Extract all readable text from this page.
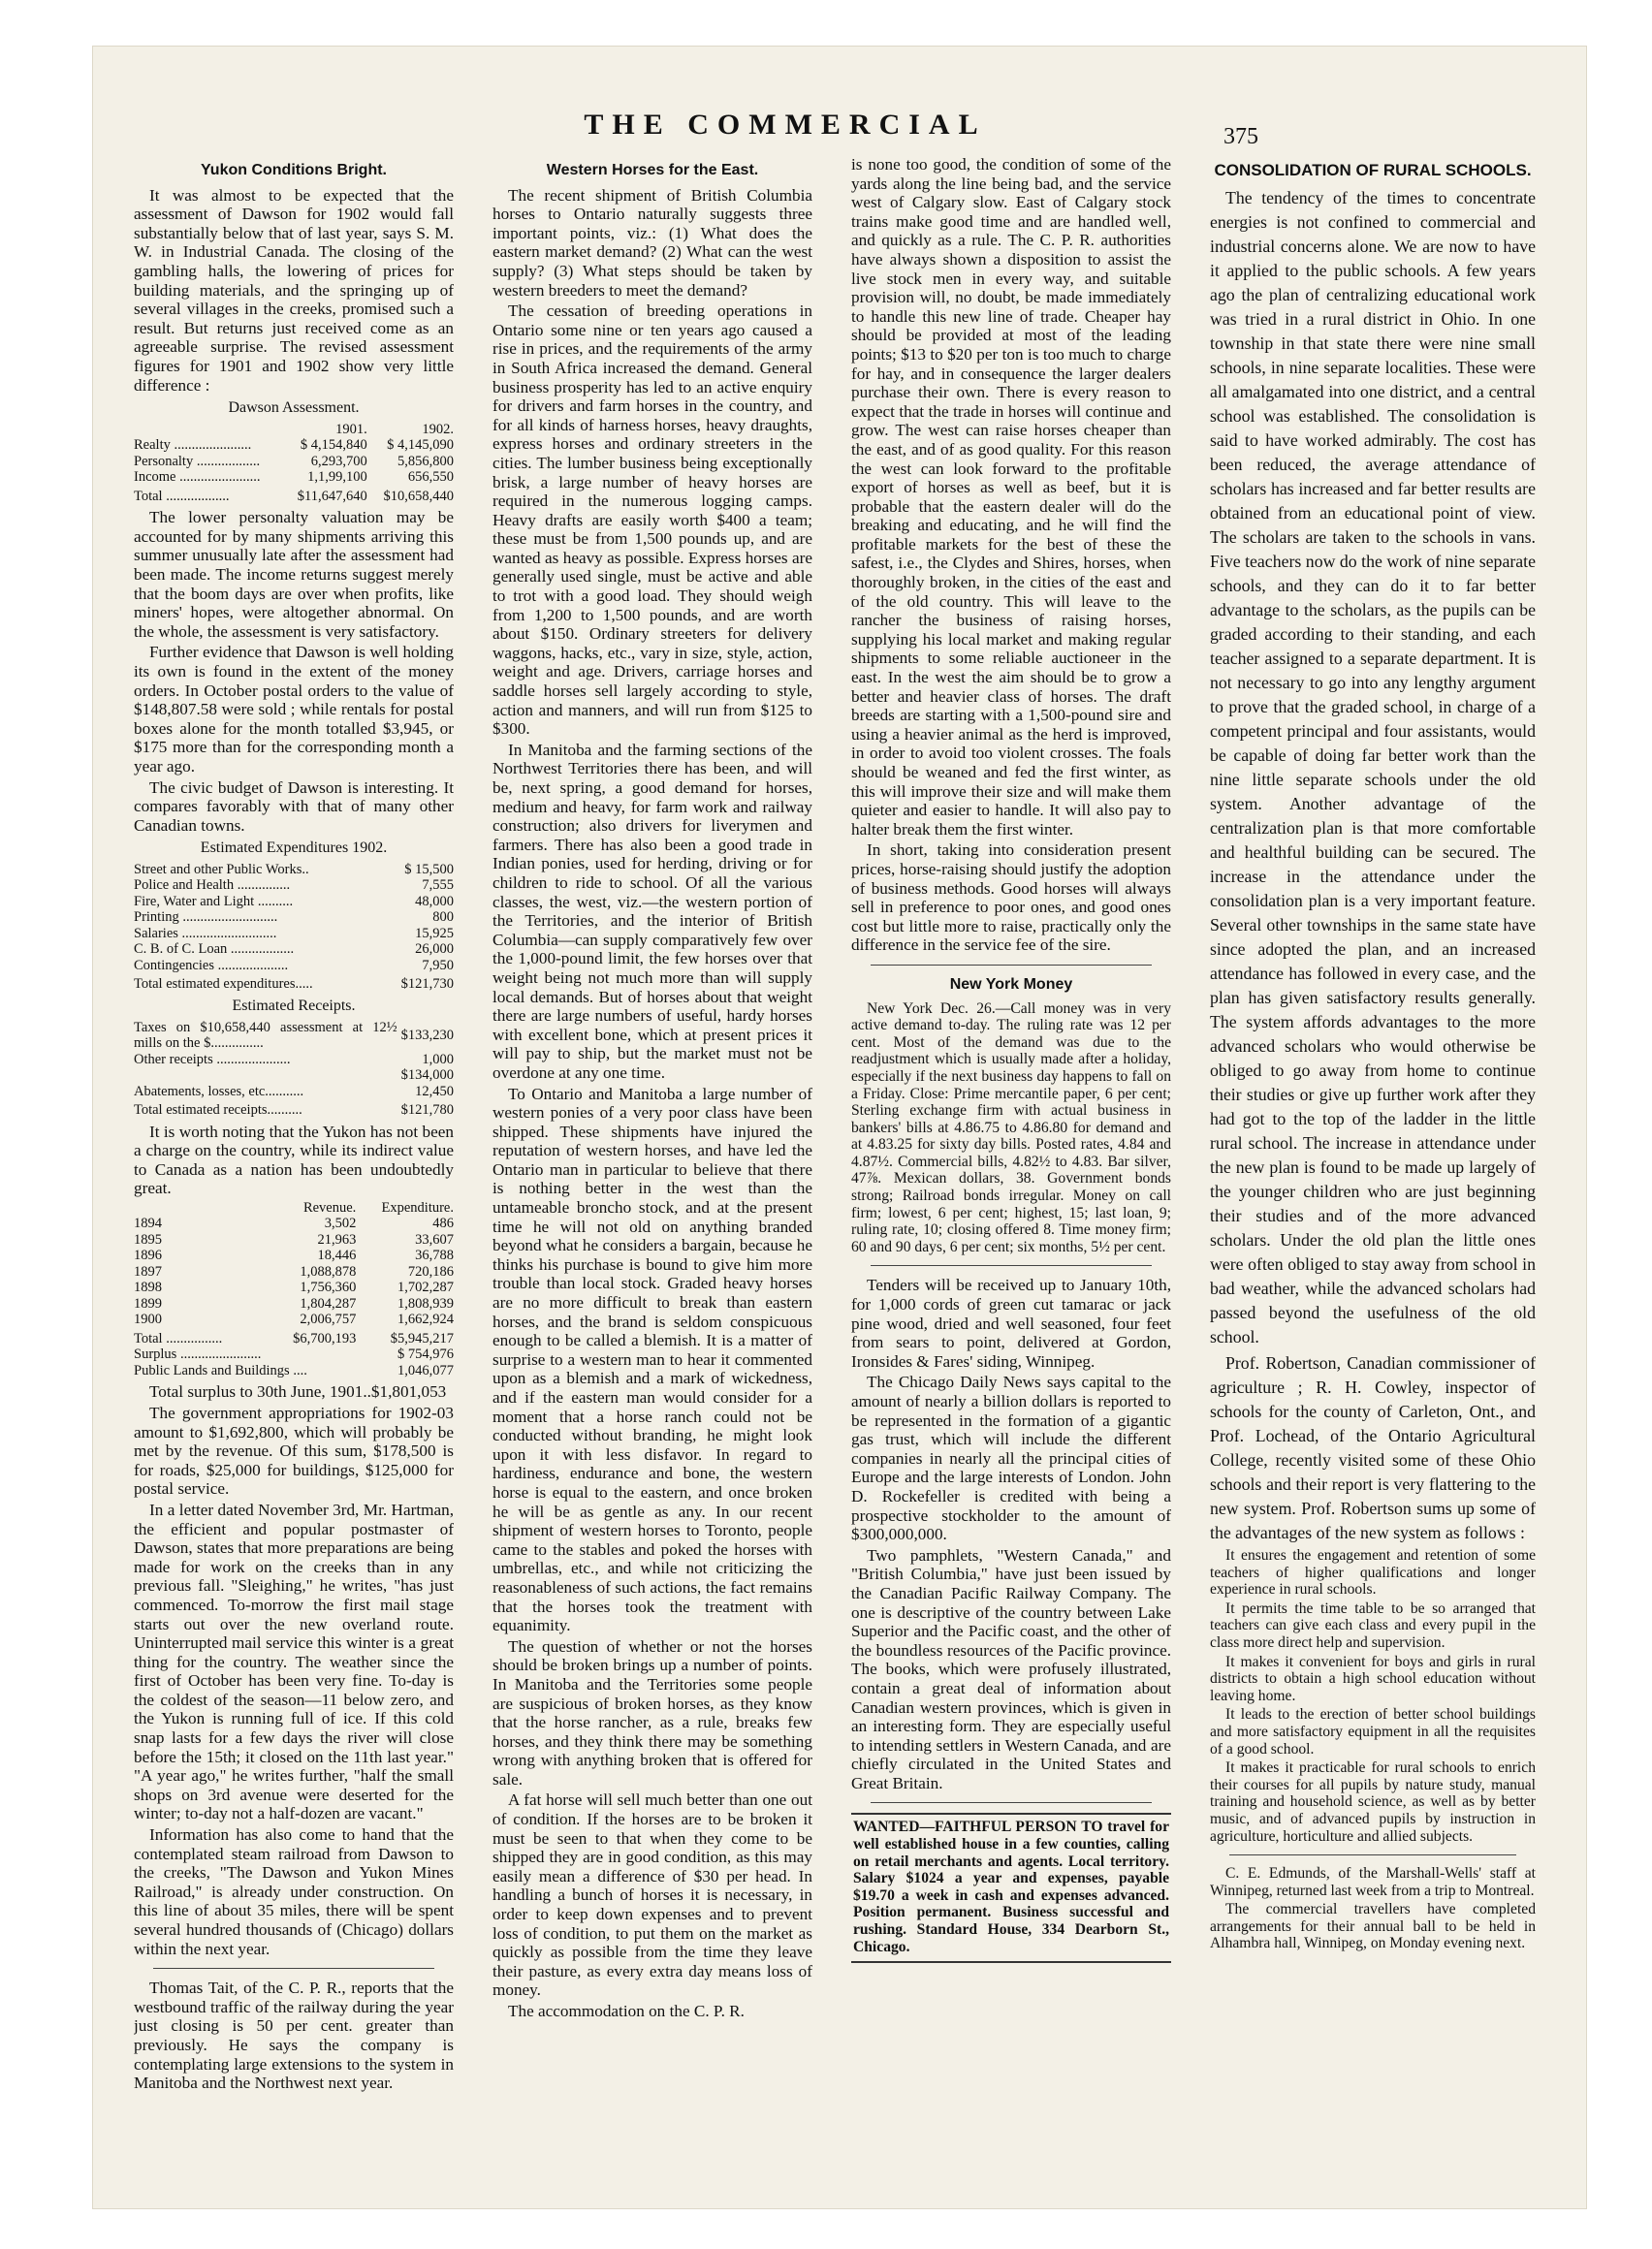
THE COMMERCIAL	375
Yukon Conditions Bright.

It was almost to be expected that the assessment of Dawson for 1902 would fall substantially below that of last year, says S. M. W. in Industrial Canada. The closing of the gambling halls, the lowering of prices for building materials, and the springing up of several villages in the creeks, promised such a result. But returns just received come as an agreeable surprise. The revised assessment figures for 1901 and 1902 show very little difference :

Dawson Assessment.
	1901.	1902.
Realty ......................	$ 4,154,840	$ 4,145,090
Personalty ..................	6,293,700	5,856,800
Income .......................	1,1,99,100	656,550
Total ..................	$11,647,640	$10,658,440

The lower personalty valuation may be accounted for by many shipments arriving this summer unusually late after the assessment had been made. The income returns suggest merely that the boom days are over when profits, like miners' hopes, were altogether abnormal. On the whole, the assessment is very satisfactory.

Further evidence that Dawson is well holding its own is found in the extent of the money orders. In October postal orders to the value of $148,807.58 were sold ; while rentals for postal boxes alone for the month totalled $3,945, or $175 more than for the corresponding month a year ago.

The civic budget of Dawson is interesting. It compares favorably with that of many other Canadian towns.

Estimated Expenditures 1902.
Street and other Public Works..	$ 15,500
Police and Health ...............	7,555
Fire, Water and Light ..........	48,000
Printing ...........................	800
Salaries ...........................	15,925
C. B. of C. Loan ..................	26,000
Contingencies ....................	7,950
Total estimated expenditures.....	$121,730
Estimated Receipts.
Taxes on $10,658,440 assessment at 12½ mills on the $...............	$133,230
Other receipts .....................	1,000
	$134,000
Abatements, losses, etc...........	12,450
Total estimated receipts..........	$121,780

It is worth noting that the Yukon has not been a charge on the country, while its indirect value to Canada as a nation has been undoubtedly great.

	Revenue.	Expenditure.
1894	3,502	486
1895	21,963	33,607
1896	18,446	36,788
1897	1,088,878	720,186
1898	1,756,360	1,702,287
1899	1,804,287	1,808,939
1900	2,006,757	1,662,924
Total ................	$6,700,193	$5,945,217
Surplus .......................		$ 754,976
Public Lands and Buildings ....		1,046,077

Total surplus to 30th June, 1901..$1,801,053

The government appropriations for 1902-03 amount to $1,692,800, which will probably be met by the revenue. Of this sum, $178,500 is for roads, $25,000 for buildings, $125,000 for postal service.

In a letter dated November 3rd, Mr. Hartman, the efficient and popular postmaster of Dawson, states that more preparations are being made for work on the creeks than in any previous fall. "Sleighing," he writes, "has just commenced. To-morrow the first mail stage starts out over the new overland route. Uninterrupted mail service this winter is a great thing for the country. The weather since the first of October has been very fine. To-day is the coldest of the season—11 below zero, and the Yukon is running full of ice. If this cold snap lasts for a few days the river will close before the 15th; it closed on the 11th last year." "A year ago," he writes further, "half the small shops on 3rd avenue were deserted for the winter; to-day not a half-dozen are vacant."

Information has also come to hand that the contemplated steam railroad from Dawson to the creeks, "The Dawson and Yukon Mines Railroad," is already under construction. On this line of about 35 miles, there will be spent several hundred thousands of (Chicago) dollars within the next year.

Thomas Tait, of the C. P. R., reports that the westbound traffic of the railway during the year just closing is 50 per cent. greater than previously. He says the company is contemplating large extensions to the system in Manitoba and the Northwest next year.

Western Horses for the East.

The recent shipment of British Columbia horses to Ontario naturally suggests three important points, viz.: (1) What does the eastern market demand? (2) What can the west supply? (3) What steps should be taken by western breeders to meet the demand?

The cessation of breeding operations in Ontario some nine or ten years ago caused a rise in prices, and the requirements of the army in South Africa increased the demand. General business prosperity has led to an active enquiry for drivers and farm horses in the country, and for all kinds of harness horses, heavy draughts, express horses and ordinary streeters in the cities. The lumber business being exceptionally brisk, a large number of heavy horses are required in the numerous logging camps. Heavy drafts are easily worth $400 a team; these must be from 1,500 pounds up, and are wanted as heavy as possible. Express horses are generally used single, must be active and able to trot with a good load. They should weigh from 1,200 to 1,500 pounds, and are worth about $150. Ordinary streeters for delivery waggons, hacks, etc., vary in size, style, action, weight and age. Drivers, carriage horses and saddle horses sell largely according to style, action and manners, and will run from $125 to $300.

In Manitoba and the farming sections of the Northwest Territories there has been, and will be, next spring, a good demand for horses, medium and heavy, for farm work and railway construction; also drivers for liverymen and farmers. There has also been a good trade in Indian ponies, used for herding, driving or for children to ride to school. Of all the various classes, the west, viz.—the western portion of the Territories, and the interior of British Columbia—can supply comparatively few over the 1,000-pound limit, the few horses over that weight being not much more than will supply local demands. But of horses about that weight there are large numbers of useful, hardy horses with excellent bone, which at present prices it will pay to ship, but the market must not be overdone at any one time.

To Ontario and Manitoba a large number of western ponies of a very poor class have been shipped. These shipments have injured the reputation of western horses, and have led the Ontario man in particular to believe that there is nothing better in the west than the untameable broncho stock, and at the present time he will not old on anything branded beyond what he considers a bargain, because he thinks his purchase is bound to give him more trouble than local stock. Graded heavy horses are no more difficult to break than eastern horses, and the brand is seldom conspicuous enough to be called a blemish. It is a matter of surprise to a western man to hear it commented upon as a blemish and a mark of wickedness, and if the eastern man would consider for a moment that a horse ranch could not be conducted without branding, he might look upon it with less disfavor. In regard to hardiness, endurance and bone, the western horse is equal to the eastern, and once broken he will be as gentle as any. In our recent shipment of western horses to Toronto, people came to the stables and poked the horses with umbrellas, etc., and while not criticizing the reasonableness of such actions, the fact remains that the horses took the treatment with equanimity.

The question of whether or not the horses should be broken brings up a number of points. In Manitoba and the Territories some people are suspicious of broken horses, as they know that the horse rancher, as a rule, breaks few horses, and they think there may be something wrong with anything broken that is offered for sale.

A fat horse will sell much better than one out of condition. If the horses are to be broken it must be seen to that when they come to be shipped they are in good condition, as this may easily mean a difference of $30 per head. In handling a bunch of horses it is necessary, in order to keep down expenses and to prevent loss of condition, to put them on the market as quickly as possible from the time they leave their pasture, as every extra day means loss of money.

The accommodation on the C. P. R.

is none too good, the condition of some of the yards along the line being bad, and the service west of Calgary slow. East of Calgary stock trains make good time and are handled well, and quickly as a rule. The C. P. R. authorities have always shown a disposition to assist the live stock men in every way, and suitable provision will, no doubt, be made immediately to handle this new line of trade. Cheaper hay should be provided at most of the leading points; $13 to $20 per ton is too much to charge for hay, and in consequence the larger dealers purchase their own. There is every reason to expect that the trade in horses will continue and grow. The west can raise horses cheaper than the east, and of as good quality. For this reason the west can look forward to the profitable export of horses as well as beef, but it is probable that the eastern dealer will do the breaking and educating, and he will find the profitable markets for the best of these the safest, i.e., the Clydes and Shires, horses, when thoroughly broken, in the cities of the east and of the old country. This will leave to the rancher the business of raising horses, supplying his local market and making regular shipments to some reliable auctioneer in the east. In the west the aim should be to grow a better and heavier class of horses. The draft breeds are starting with a 1,500-pound sire and using a heavier animal as the herd is improved, in order to avoid too violent crosses. The foals should be weaned and fed the first winter, as this will improve their size and will make them quieter and easier to handle. It will also pay to halter break them the first winter.

In short, taking into consideration present prices, horse-raising should justify the adoption of business methods. Good horses will always sell in preference to poor ones, and good ones cost but little more to raise, practically only the difference in the service fee of the sire.

New York Money

New York Dec. 26.—Call money was in very active demand to-day. The ruling rate was 12 per cent. Most of the demand was due to the readjustment which is usually made after a holiday, especially if the next business day happens to fall on a Friday. Close: Prime mercantile paper, 6 per cent; Sterling exchange firm with actual business in bankers' bills at 4.86.75 to 4.86.80 for demand and at 4.83.25 for sixty day bills. Posted rates, 4.84 and 4.87½. Commercial bills, 4.82½ to 4.83. Bar silver, 47⅞. Mexican dollars, 38. Government bonds strong; Railroad bonds irregular. Money on call firm; lowest, 6 per cent; highest, 15; last loan, 9; ruling rate, 10; closing offered 8. Time money firm; 60 and 90 days, 6 per cent; six months, 5½ per cent.

Tenders will be received up to January 10th, for 1,000 cords of green cut tamarac or jack pine wood, dried and well seasoned, four feet from sears to point, delivered at Gordon, Ironsides & Fares' siding, Winnipeg.

The Chicago Daily News says capital to the amount of nearly a billion dollars is reported to be represented in the formation of a gigantic gas trust, which will include the different companies in nearly all the principal cities of Europe and the large interests of London. John D. Rockefeller is credited with being a prospective stockholder to the amount of $300,000,000.

Two pamphlets, "Western Canada," and "British Columbia," have just been issued by the Canadian Pacific Railway Company. The one is descriptive of the country between Lake Superior and the Pacific coast, and the other of the boundless resources of the Pacific province. The books, which were profusely illustrated, contain a great deal of information about Canadian western provinces, which is given in an interesting form. They are especially useful to intending settlers in Western Canada, and are chiefly circulated in the United States and Great Britain.

WANTED—FAITHFUL PERSON TO travel for well established house in a few counties, calling on retail merchants and agents. Local territory. Salary $1024 a year and expenses, payable $19.70 a week in cash and expenses advanced. Position permanent. Business successful and rushing. Standard House, 334 Dearborn St., Chicago.

CONSOLIDATION OF RURAL SCHOOLS.

The tendency of the times to concentrate energies is not confined to commercial and industrial concerns alone. We are now to have it applied to the public schools. A few years ago the plan of centralizing educational work was tried in a rural district in Ohio. In one township in that state there were nine small schools, in nine separate localities. These were all amalgamated into one district, and a central school was established. The consolidation is said to have worked admirably. The cost has been reduced, the average attendance of scholars has increased and far better results are obtained from an educational point of view. The scholars are taken to the schools in vans. Five teachers now do the work of nine separate schools, and they can do it to far better advantage to the scholars, as the pupils can be graded according to their standing, and each teacher assigned to a separate department. It is not necessary to go into any lengthy argument to prove that the graded school, in charge of a competent principal and four assistants, would be capable of doing far better work than the nine little separate schools under the old system. Another advantage of the centralization plan is that more comfortable and healthful building can be secured. The increase in the attendance under the consolidation plan is a very important feature. Several other townships in the same state have since adopted the plan, and an increased attendance has followed in every case, and the plan has given satisfactory results generally. The system affords advantages to the more advanced scholars who would otherwise be obliged to go away from home to continue their studies or give up further work after they had got to the top of the ladder in the little rural school. The increase in attendance under the new plan is found to be made up largely of the younger children who are just beginning their studies and of the more advanced scholars. Under the old plan the little ones were often obliged to stay away from school in bad weather, while the advanced scholars had passed beyond the usefulness of the old school.

Prof. Robertson, Canadian commissioner of agriculture ; R. H. Cowley, inspector of schools for the county of Carleton, Ont., and Prof. Lochead, of the Ontario Agricultural College, recently visited some of these Ohio schools and their report is very flattering to the new system. Prof. Robertson sums up some of the advantages of the new system as follows :

It ensures the engagement and retention of some teachers of higher qualifications and longer experience in rural schools.

It permits the time table to be so arranged that teachers can give each class and every pupil in the class more direct help and supervision.

It makes it convenient for boys and girls in rural districts to obtain a high school education without leaving home.

It leads to the erection of better school buildings and more satisfactory equipment in all the requisites of a good school.

It makes it practicable for rural schools to enrich their courses for all pupils by nature study, manual training and household science, as well as by better music, and of advanced pupils by instruction in agriculture, horticulture and allied subjects.

C. E. Edmunds, of the Marshall-Wells' staff at Winnipeg, returned last week from a trip to Montreal.

The commercial travellers have completed arrangements for their annual ball to be held in Alhambra hall, Winnipeg, on Monday evening next.
